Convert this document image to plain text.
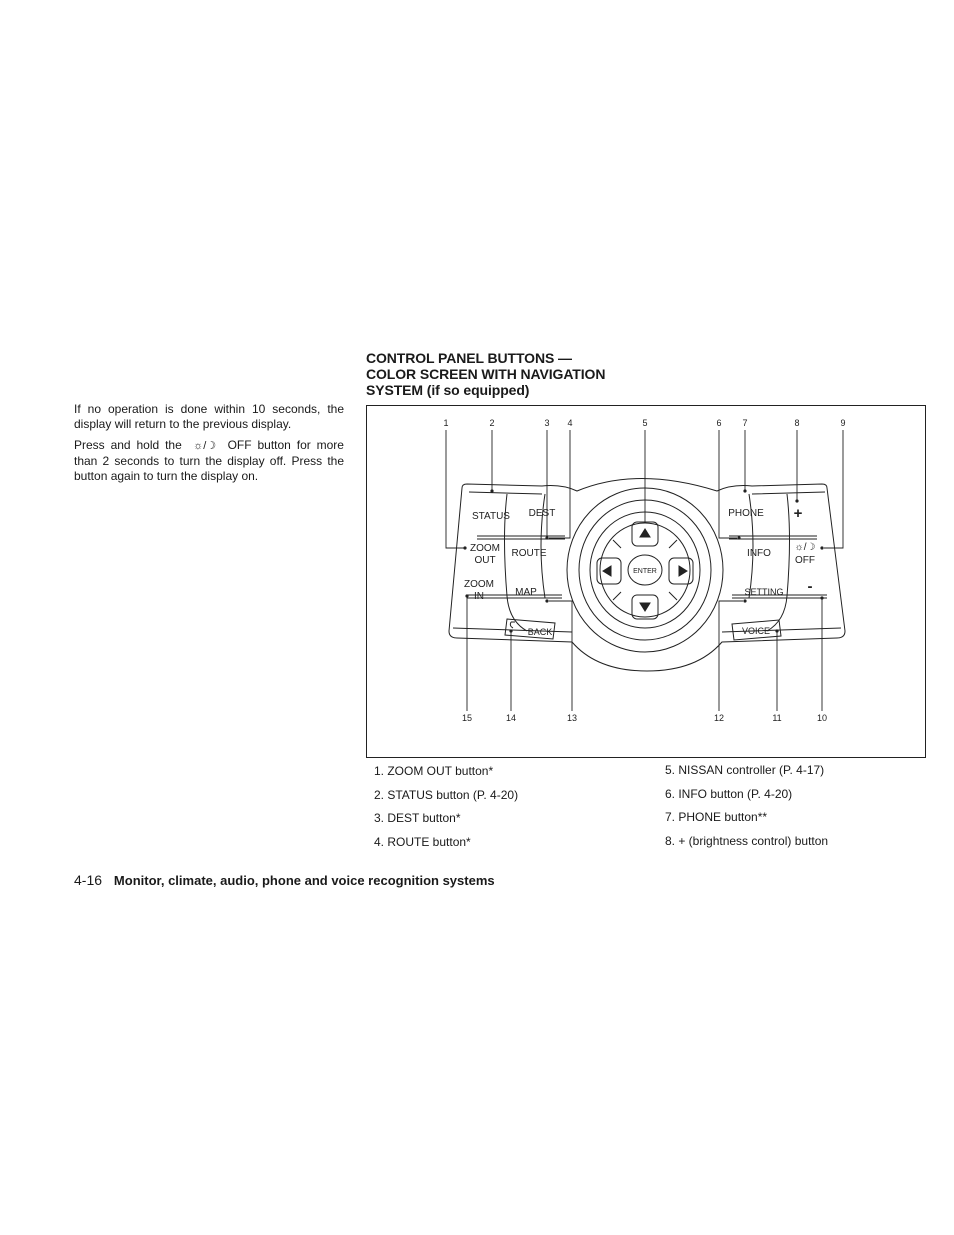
If no operation is done within 10 seconds, the display will return to the previous display.

Press and hold the ☼/☽ OFF button for more than 2 seconds to turn the display off. Press the button again to turn the display on.

CONTROL PANEL BUTTONS —
COLOR SCREEN WITH NAVIGATION
SYSTEM (if so equipped)
1	2	3 4	5	6 7	8	9
15	14	13	12	11	10
STATUS DEST
ZOOM
OUT
ROUTE
ZOOM
IN	MAP
BACK
PHONE +
INFO
☼/☽
OFF
SETTING -
VOICE
ENTER
1. ZOOM OUT button*
2. STATUS button (P. 4-20)
3. DEST button*
4. ROUTE button*
5. NISSAN controller (P. 4-17)
6. INFO button (P. 4-20)
7. PHONE button**
8. + (brightness control) button
4-16 Monitor, climate, audio, phone and voice recognition systems
